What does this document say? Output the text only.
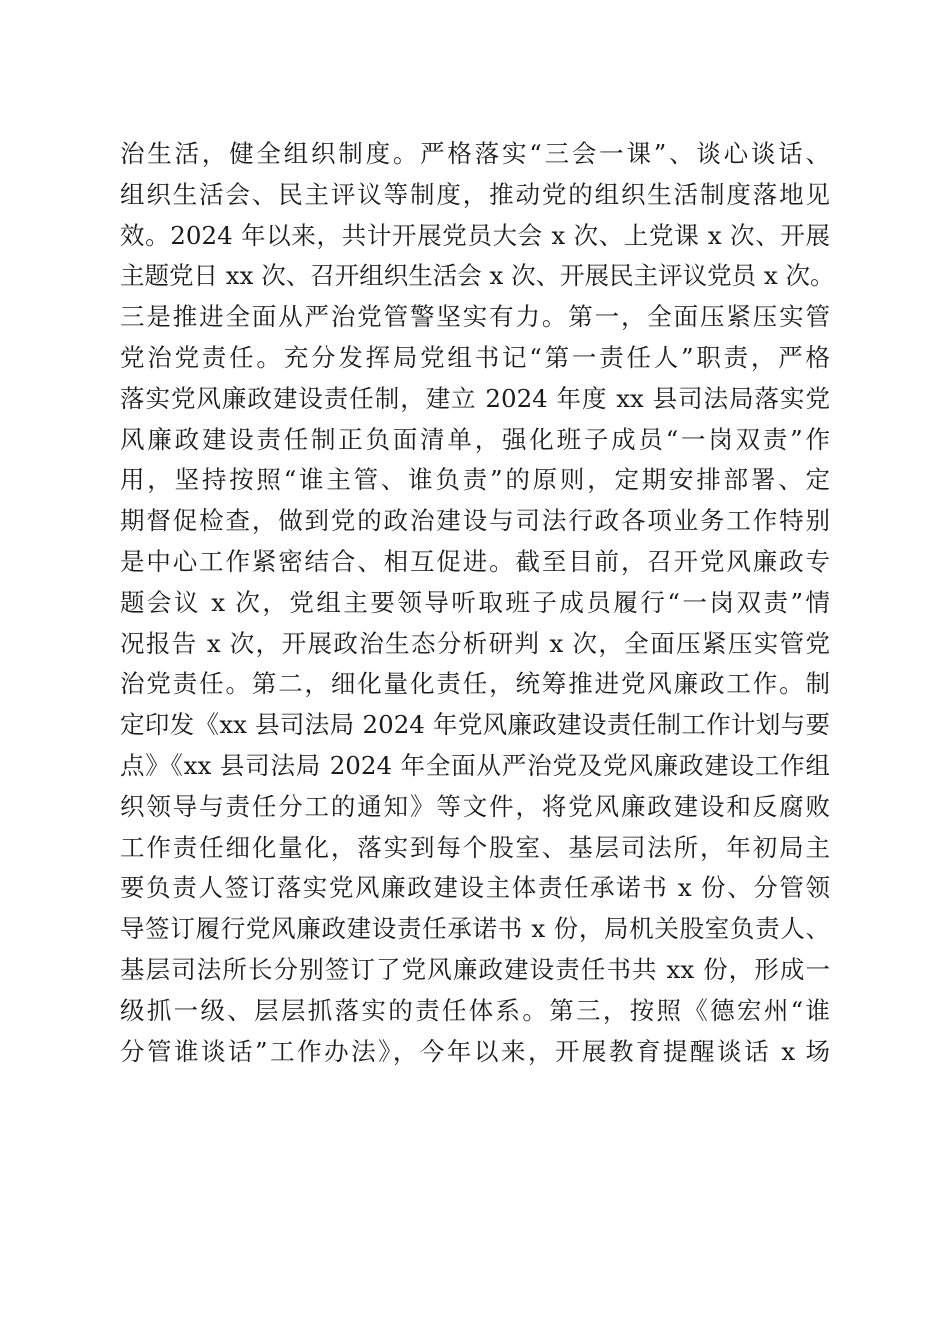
治生活，健全组织制度。严格落实“三会一课”、谈心谈话、
组织生活会、民主评议等制度，推动党的组织生活制度落地见
效。2024 年以来，共计开展党员大会 x 次、上党课 x 次、开展
主题党日 xx 次、召开组织生活会 x 次、开展民主评议党员 x 次。
三是推进全面从严治党管警坚实有力。第一，全面压紧压实管
党治党责任。充分发挥局党组书记“第一责任人”职责，严格
落实党风廉政建设责任制，建立 2024 年度 xx 县司法局落实党
风廉政建设责任制正负面清单，强化班子成员“一岗双责”作
用，坚持按照“谁主管、谁负责”的原则，定期安排部署、定
期督促检查，做到党的政治建设与司法行政各项业务工作特别
是中心工作紧密结合、相互促进。截至目前，召开党风廉政专
题会议 x 次，党组主要领导听取班子成员履行“一岗双责”情
况报告 x 次，开展政治生态分析研判 x 次，全面压紧压实管党
治党责任。第二，细化量化责任，统筹推进党风廉政工作。制
定印发《xx 县司法局 2024 年党风廉政建设责任制工作计划与要
点》《xx 县司法局 2024 年全面从严治党及党风廉政建设工作组
织领导与责任分工的通知》等文件，将党风廉政建设和反腐败
工作责任细化量化，落实到每个股室、基层司法所，年初局主
要负责人签订落实党风廉政建设主体责任承诺书 x 份、分管领
导签订履行党风廉政建设责任承诺书 x 份，局机关股室负责人、
基层司法所长分别签订了党风廉政建设责任书共 xx 份，形成一
级抓一级、层层抓落实的责任体系。第三，按照《德宏州“谁
分管谁谈话”工作办法》，今年以来，开展教育提醒谈话 x 场
